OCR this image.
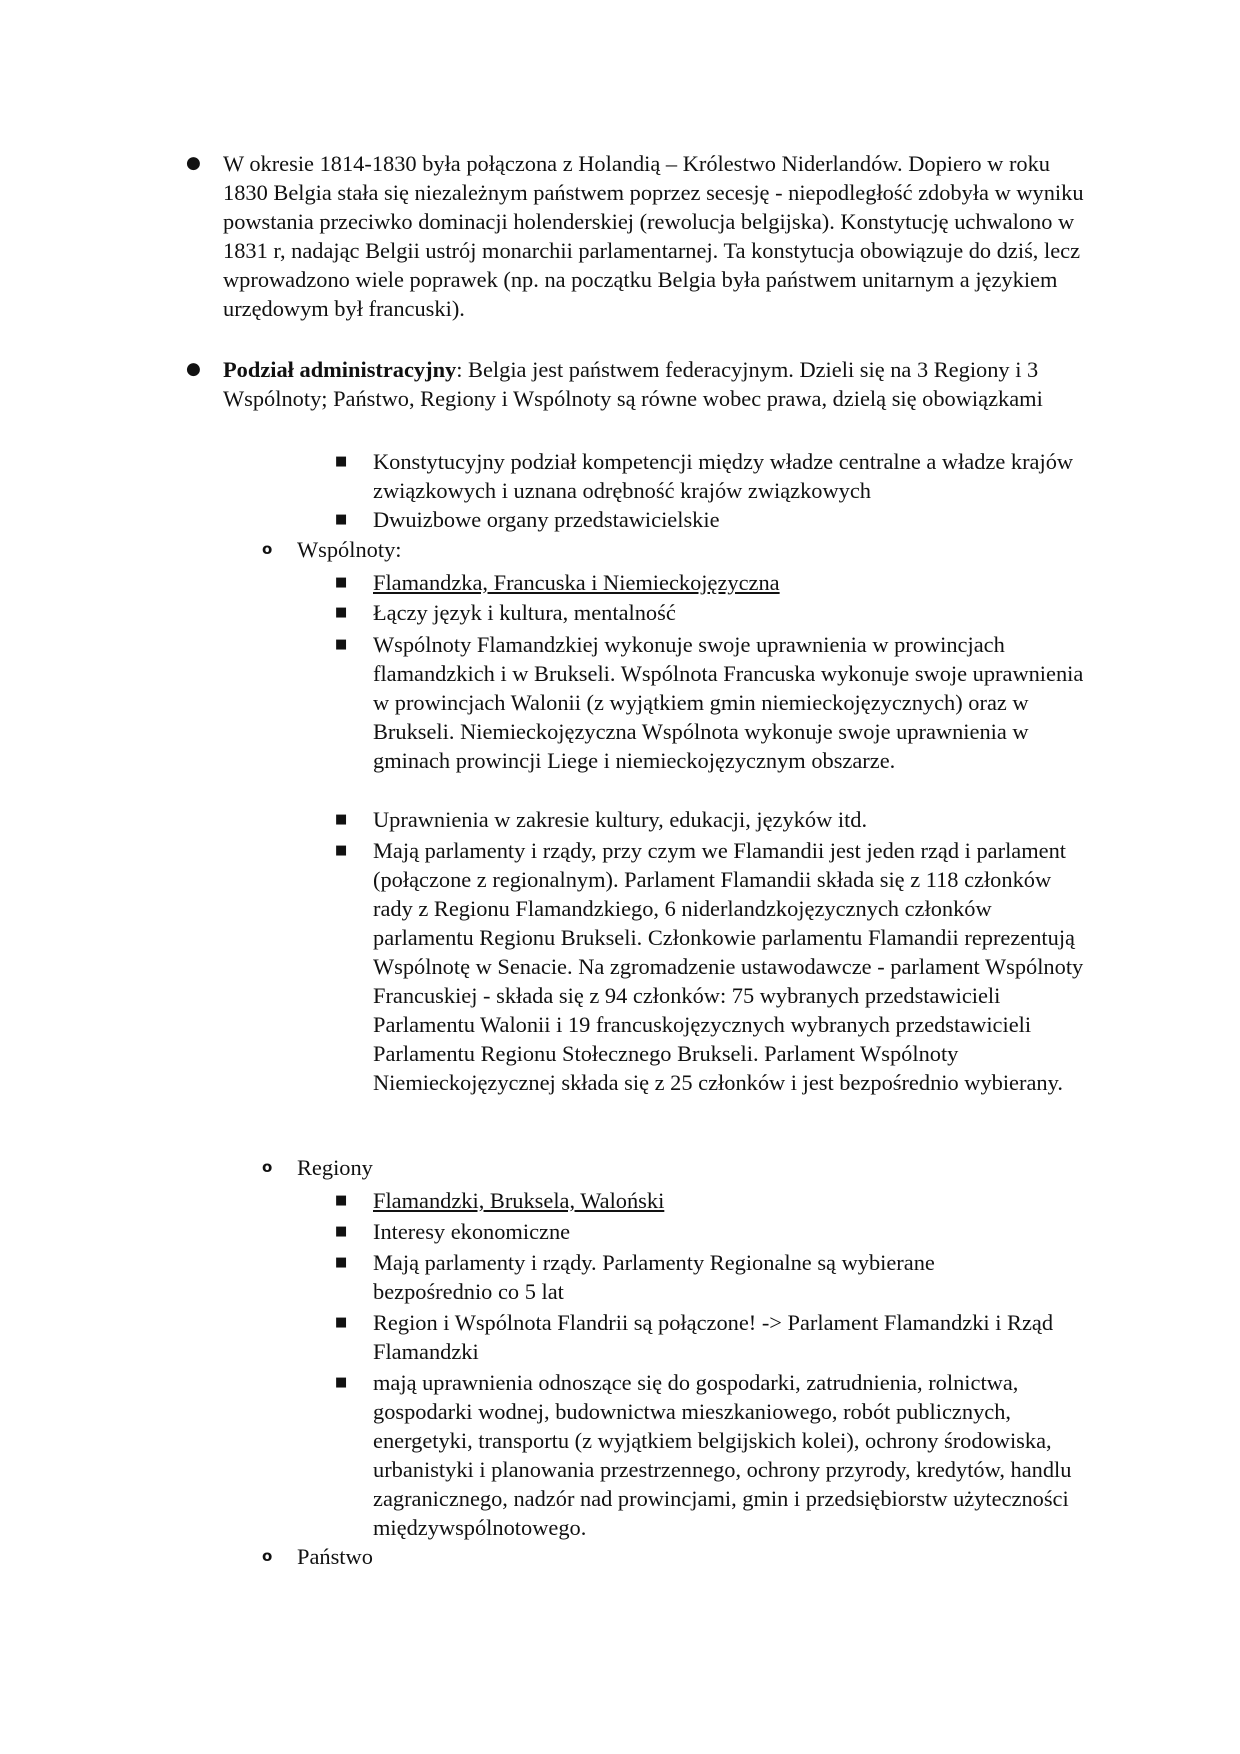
● W okresie 1814-1830 była połączona z Holandią – Królestwo Niderlandów. Dopiero w roku 1830 Belgia stała się niezależnym państwem poprzez secesję - niepodległość zdobyła w wyniku powstania przeciwko dominacji holenderskiej (rewolucja belgijska). Konstytucję uchwalono w 1831 r, nadając Belgii ustrój monarchii parlamentarnej. Ta konstytucja obowiązuje do dziś, lecz wprowadzono wiele poprawek (np. na początku Belgia była państwem unitarnym a językiem urzędowym był francuski).

● Podział administracyjny: Belgia jest państwem federacyjnym. Dzieli się na 3 Regiony i 3 Wspólnoty; Państwo, Regiony i Wspólnoty są równe wobec prawa, dzielą się obowiązkami

■ Konstytucyjny podział kompetencji między władze centralne a władze krajów związkowych i uznana odrębność krajów związkowych

■ Dwuizbowe organy przedstawicielskie

o Wspólnoty:

■ Flamandzka, Francuska i Niemieckojęzyczna

■ Łączy język i kultura, mentalność

■ Wspólnoty Flamandzkiej wykonuje swoje uprawnienia w prowincjach flamandzkich i w Brukseli. Wspólnota Francuska wykonuje swoje uprawnienia w prowincjach Walonii (z wyjątkiem gmin niemieckojęzycznych) oraz w Brukseli. Niemieckojęzyczna Wspólnota wykonuje swoje uprawnienia w gminach prowincji Liege i niemieckojęzycznym obszarze.

■ Uprawnienia w zakresie kultury, edukacji, języków itd.

■ Mają parlamenty i rządy, przy czym we Flamandii jest jeden rząd i parlament (połączone z regionalnym). Parlament Flamandii składa się z 118 członków rady z Regionu Flamandzkiego, 6 niderlandzkojęzycznych członków parlamentu Regionu Brukseli. Członkowie parlamentu Flamandii reprezentują Wspólnotę w Senacie. Na zgromadzenie ustawodawcze - parlament Wspólnoty Francuskiej - składa się z 94 członków: 75 wybranych przedstawicieli Parlamentu Walonii i 19 francuskojęzycznych wybranych przedstawicieli Parlamentu Regionu Stołecznego Brukseli. Parlament Wspólnoty Niemieckojęzycznej składa się z 25 członków i jest bezpośrednio wybierany.

o Regiony

■ Flamandzki, Bruksela, Waloński

■ Interesy ekonomiczne

■ Mają parlamenty i rządy. Parlamenty Regionalne są wybierane bezpośrednio co 5 lat

■ Region i Wspólnota Flandrii są połączone! -> Parlament Flamandzki i Rząd Flamandzki

■ mają uprawnienia odnoszące się do gospodarki, zatrudnienia, rolnictwa, gospodarki wodnej, budownictwa mieszkaniowego, robót publicznych, energetyki, transportu (z wyjątkiem belgijskich kolei), ochrony środowiska, urbanistyki i planowania przestrzennego, ochrony przyrody, kredytów, handlu zagranicznego, nadzór nad prowincjami, gmin i przedsiębiorstw użyteczności międzywspólnotowego.

o Państwo
